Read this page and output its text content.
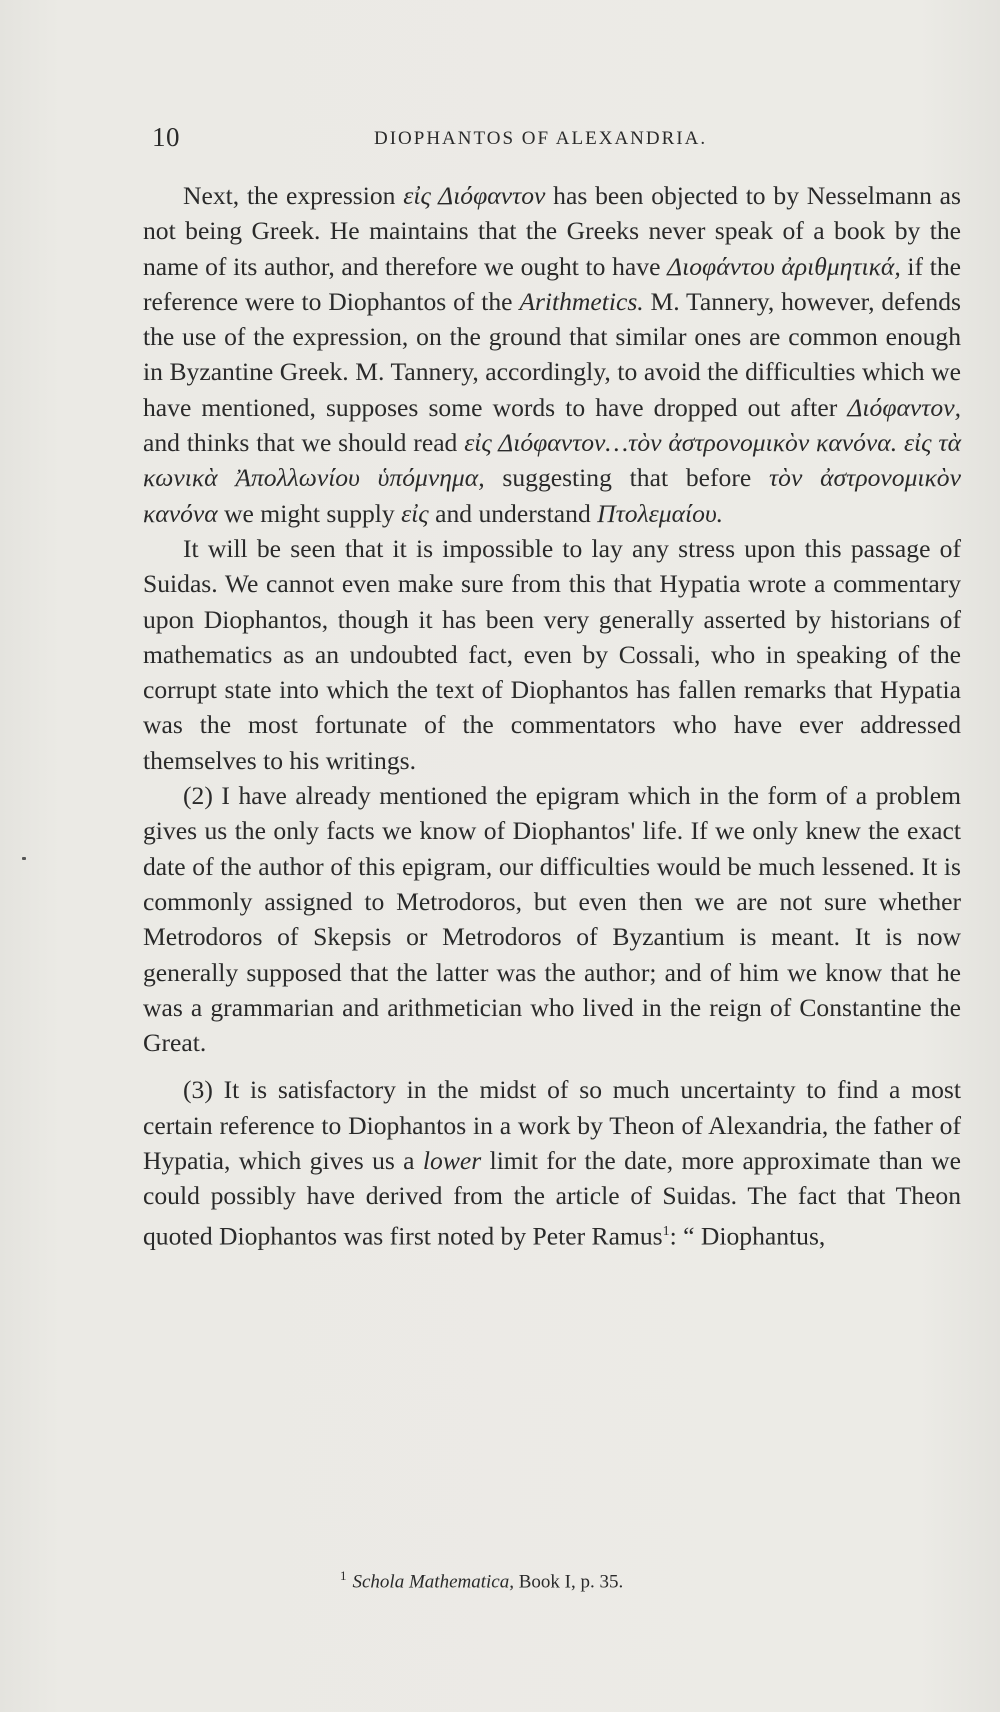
10	DIOPHANTOS OF ALEXANDRIA.

Next, the expression εἰς Διόφαντον has been objected to by Nesselmann as not being Greek. He maintains that the Greeks never speak of a book by the name of its author, and therefore we ought to have Διοφάντου ἀριθμητικά, if the reference were to Diophantos of the Arithmetics. M. Tannery, however, defends the use of the expression, on the ground that similar ones are common enough in Byzantine Greek. M. Tannery, accordingly, to avoid the difficulties which we have mentioned, supposes some words to have dropped out after Διόφαντον, and thinks that we should read εἰς Διόφαντον…τὸν ἀστρονομικὸν κανόνα. εἰς τὰ κωνικὰ Ἀπολλωνίου ὑπόμνημα, suggesting that before τὸν ἀστρονομικὸν κανόνα we might supply εἰς and understand Πτολεμαίου.

It will be seen that it is impossible to lay any stress upon this passage of Suidas. We cannot even make sure from this that Hypatia wrote a commentary upon Diophantos, though it has been very generally asserted by historians of mathematics as an undoubted fact, even by Cossali, who in speaking of the corrupt state into which the text of Diophantos has fallen remarks that Hypatia was the most fortunate of the commentators who have ever addressed themselves to his writings.

(2) I have already mentioned the epigram which in the form of a problem gives us the only facts we know of Diophantos' life. If we only knew the exact date of the author of this epigram, our difficulties would be much lessened. It is commonly assigned to Metrodoros, but even then we are not sure whether Metrodoros of Skepsis or Metrodoros of Byzantium is meant. It is now generally supposed that the latter was the author; and of him we know that he was a grammarian and arithmetician who lived in the reign of Constantine the Great.

(3) It is satisfactory in the midst of so much uncertainty to find a most certain reference to Diophantos in a work by Theon of Alexandria, the father of Hypatia, which gives us a lower limit for the date, more approximate than we could possibly have derived from the article of Suidas. The fact that Theon quoted Diophantos was first noted by Peter Ramus$^1$: “ Diophantus,

$^1$ Schola Mathematica, Book I, p. 35.
